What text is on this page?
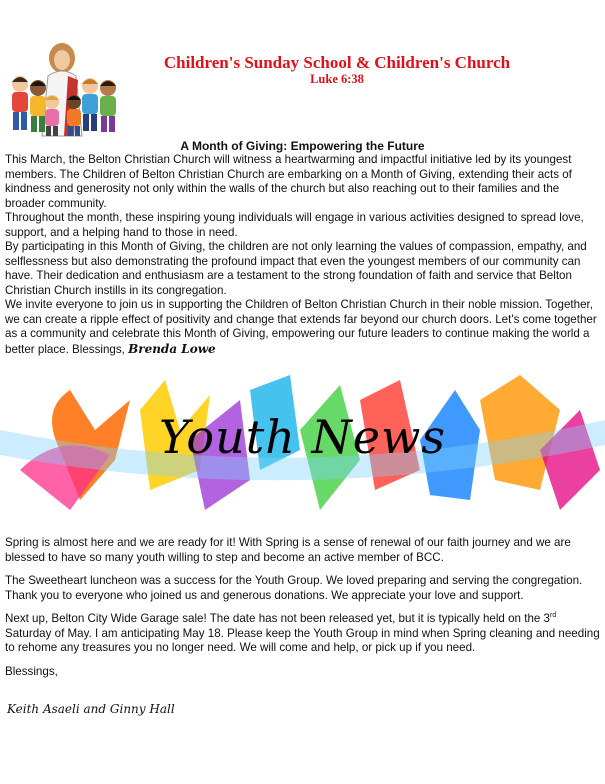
Children's Sunday School & Children's Church
Luke 6:38
A Month of Giving: Empowering the Future

This March, the Belton Christian Church will witness a heartwarming and impactful initiative led by its youngest members. The Children of Belton Christian Church are embarking on a Month of Giving, extending their acts of kindness and generosity not only within the walls of the church but also reaching out to their families and the broader community.

Throughout the month, these inspiring young individuals will engage in various activities designed to spread love, support, and a helping hand to those in need.

By participating in this Month of Giving, the children are not only learning the values of compassion, empathy, and selflessness but also demonstrating the profound impact that even the youngest members of our community can have. Their dedication and enthusiasm are a testament to the strong foundation of faith and service that Belton Christian Church instills in its congregation.

We invite everyone to join us in supporting the Children of Belton Christian Church in their noble mission. Together, we can create a ripple effect of positivity and change that extends far beyond our church doors. Let's come together as a community and celebrate this Month of Giving, empowering our future leaders to continue making the world a better place. Blessings, Brenda Lowe

Youth News

Spring is almost here and we are ready for it! With Spring is a sense of renewal of our faith journey and we are blessed to have so many youth willing to step and become an active member of BCC.

The Sweetheart luncheon was a success for the Youth Group. We loved preparing and serving the congregation. Thank you to everyone who joined us and generous donations. We appreciate your love and support.

Next up, Belton City Wide Garage sale! The date has not been released yet, but it is typically held on the 3rd Saturday of May. I am anticipating May 18. Please keep the Youth Group in mind when Spring cleaning and needing to rehome any treasures you no longer need. We will come and help, or pick up if you need.

Blessings,

Keith Asaeli and Ginny Hall
